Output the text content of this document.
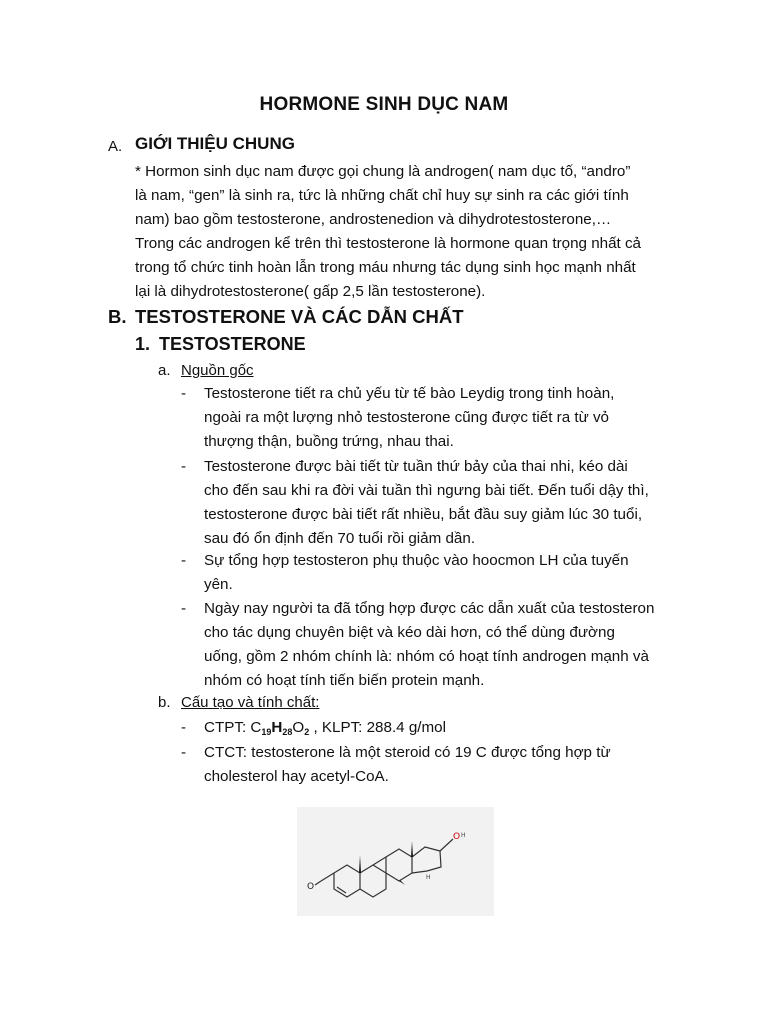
HORMONE SINH DỤC NAM
A. GIỚI THIỆU CHUNG
* Hormon sinh dục nam được gọi chung là androgen( nam dục tố, “andro”
là nam, “gen” là sinh ra, tức là những chất chỉ huy sự sinh ra các giới tính
nam) bao gồm testosterone, androstenedion và dihydrotestosterone,…
Trong các androgen kể trên thì testosterone là hormone quan trọng nhất cả
trong tổ chức tinh hoàn lẫn trong máu nhưng tác dụng sinh học mạnh nhất
lại là dihydrotestosterone( gấp 2,5 lần testosterone).
B. TESTOSTERONE VÀ CÁC DẪN CHẤT
1. TESTOSTERONE
a. Nguồn gốc
- Testosterone tiết ra chủ yếu từ tế bào Leydig trong tinh hoàn,
ngoài ra một lượng nhỏ testosterone cũng được tiết ra từ vỏ
thượng thận, buồng trứng, nhau thai.
- Testosterone được bài tiết từ tuần thứ bảy của thai nhi, kéo dài
cho đến sau khi ra đời vài tuần thì ngưng bài tiết. Đến tuổi dậy thì,
testosterone được bài tiết rất nhiều, bắt đầu suy giảm lúc 30 tuổi,
sau đó ổn định đến 70 tuổi rồi giảm dần.
- Sự tổng hợp testosteron phụ thuộc vào hoocmon LH của tuyến
yên.
- Ngày nay người ta đã tổng hợp được các dẫn xuất của testosteron
cho tác dụng chuyên biệt và kéo dài hơn, có thể dùng đường
uống, gồm 2 nhóm chính là: nhóm có hoạt tính androgen mạnh và
nhóm có hoạt tính tiến biến protein mạnh.
b. Cấu tạo và tính chất:
- CTPT: $C_{19}H_{28}O_2$ , KLPT: 288.4 g/mol
- CTCT: testosterone là một steroid có 19 C được tổng hợp từ
cholesterol hay acetyl-CoA.
O
O H
H
